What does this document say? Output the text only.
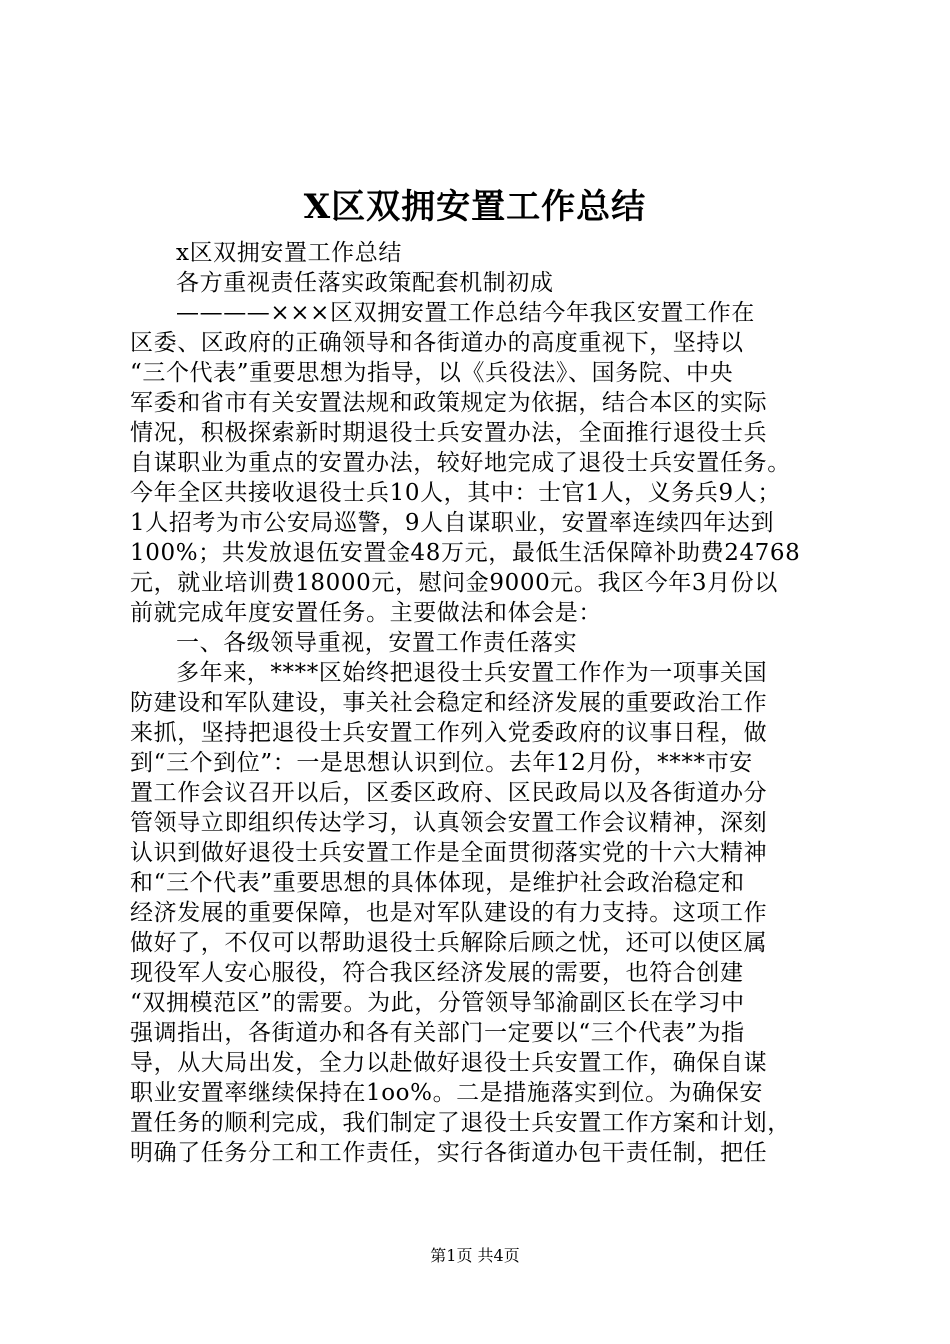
X区双拥安置工作总结
x区双拥安置工作总结
各方重视责任落实政策配套机制初成
————×××区双拥安置工作总结今年我区安置工作在
区委、区政府的正确领导和各街道办的高度重视下，坚持以
“三个代表”重要思想为指导，以《兵役法》、国务院、中央
军委和省市有关安置法规和政策规定为依据，结合本区的实际
情况，积极探索新时期退役士兵安置办法，全面推行退役士兵
自谋职业为重点的安置办法，较好地完成了退役士兵安置任务。
今年全区共接收退役士兵10人，其中：士官1人，义务兵9人；
1人招考为市公安局巡警，9人自谋职业，安置率连续四年达到
100%；共发放退伍安置金48万元，最低生活保障补助费24768
元，就业培训费18000元，慰问金9000元。我区今年3月份以
前就完成年度安置任务。主要做法和体会是：
一、各级领导重视，安置工作责任落实
多年来，****区始终把退役士兵安置工作作为一项事关国
防建设和军队建设，事关社会稳定和经济发展的重要政治工作
来抓，坚持把退役士兵安置工作列入党委政府的议事日程，做
到“三个到位”：一是思想认识到位。去年12月份，****市安
置工作会议召开以后，区委区政府、区民政局以及各街道办分
管领导立即组织传达学习，认真领会安置工作会议精神，深刻
认识到做好退役士兵安置工作是全面贯彻落实党的十六大精神
和“三个代表”重要思想的具体体现，是维护社会政治稳定和
经济发展的重要保障，也是对军队建设的有力支持。这项工作
做好了，不仅可以帮助退役士兵解除后顾之忧，还可以使区属
现役军人安心服役，符合我区经济发展的需要，也符合创建
“双拥模范区”的需要。为此，分管领导邹渝副区长在学习中
强调指出，各街道办和各有关部门一定要以“三个代表”为指
导，从大局出发，全力以赴做好退役士兵安置工作，确保自谋
职业安置率继续保持在1oo%。二是措施落实到位。为确保安
置任务的顺利完成，我们制定了退役士兵安置工作方案和计划，
明确了任务分工和工作责任，实行各街道办包干责任制，把任
第1页 共4页
